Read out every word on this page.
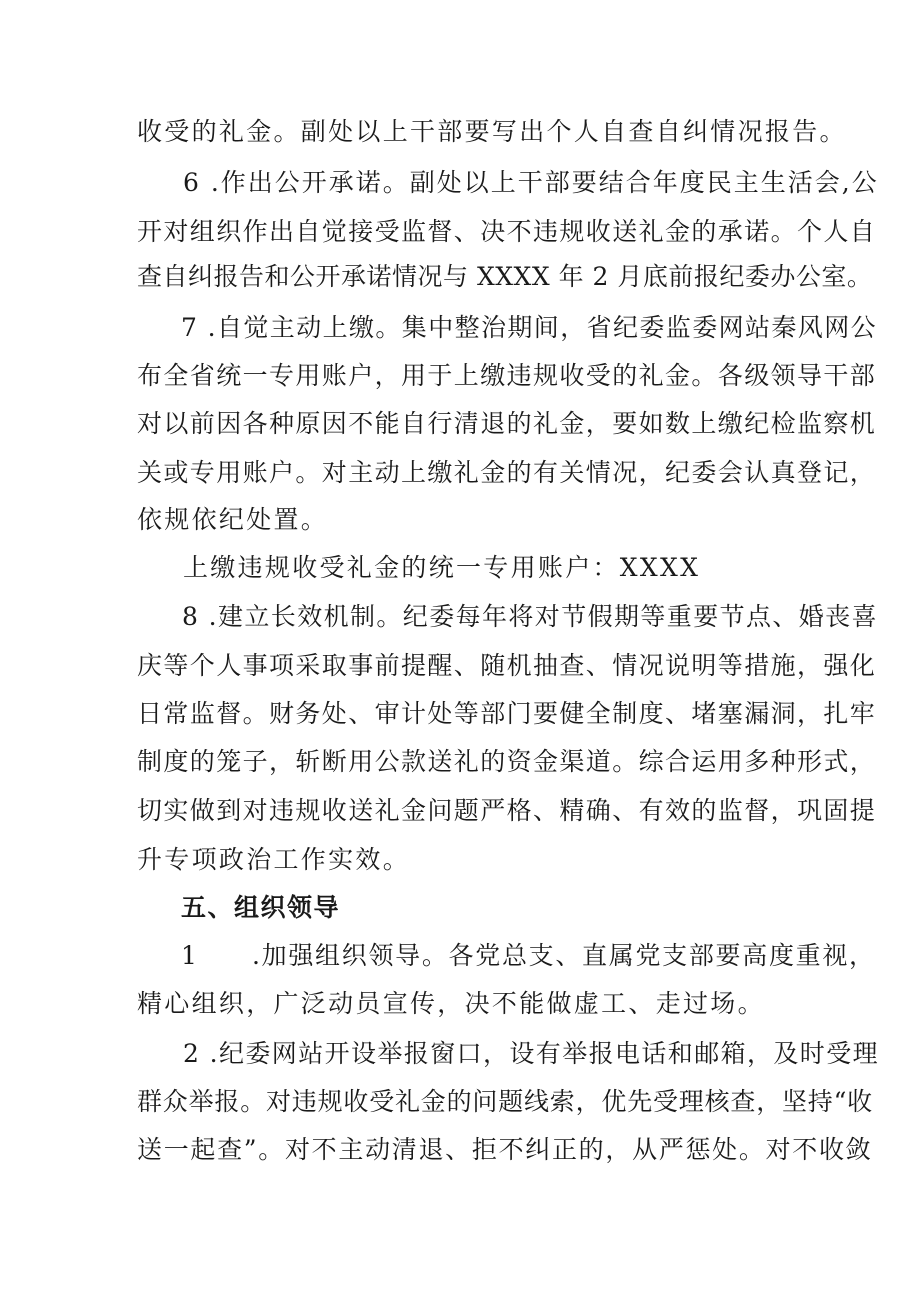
收受的礼金。副处以上干部要写出个人自查自纠情况报告。
6 .作出公开承诺。副处以上干部要结合年度民主生活会,公
开对组织作出自觉接受监督、决不违规收送礼金的承诺。个人自
查自纠报告和公开承诺情况与 XXXX 年 2 月底前报纪委办公室。
7 .自觉主动上缴。集中整治期间，省纪委监委网站秦风网公
布全省统一专用账户，用于上缴违规收受的礼金。各级领导干部
对以前因各种原因不能自行清退的礼金，要如数上缴纪检监察机
关或专用账户。对主动上缴礼金的有关情况，纪委会认真登记，
依规依纪处置。
上缴违规收受礼金的统一专用账户：XXXX
8 .建立长效机制。纪委每年将对节假期等重要节点、婚丧喜
庆等个人事项采取事前提醒、随机抽查、情况说明等措施，强化
日常监督。财务处、审计处等部门要健全制度、堵塞漏洞，扎牢
制度的笼子，斩断用公款送礼的资金渠道。综合运用多种形式，
切实做到对违规收送礼金问题严格、精确、有效的监督，巩固提
升专项政治工作实效。
五、组织领导
1　　.加强组织领导。各党总支、直属党支部要高度重视，
精心组织，广泛动员宣传，决不能做虚工、走过场。
2 .纪委网站开设举报窗口，设有举报电话和邮箱，及时受理
群众举报。对违规收受礼金的问题线索，优先受理核查，坚持“收
送一起查”。对不主动清退、拒不纠正的，从严惩处。对不收敛
